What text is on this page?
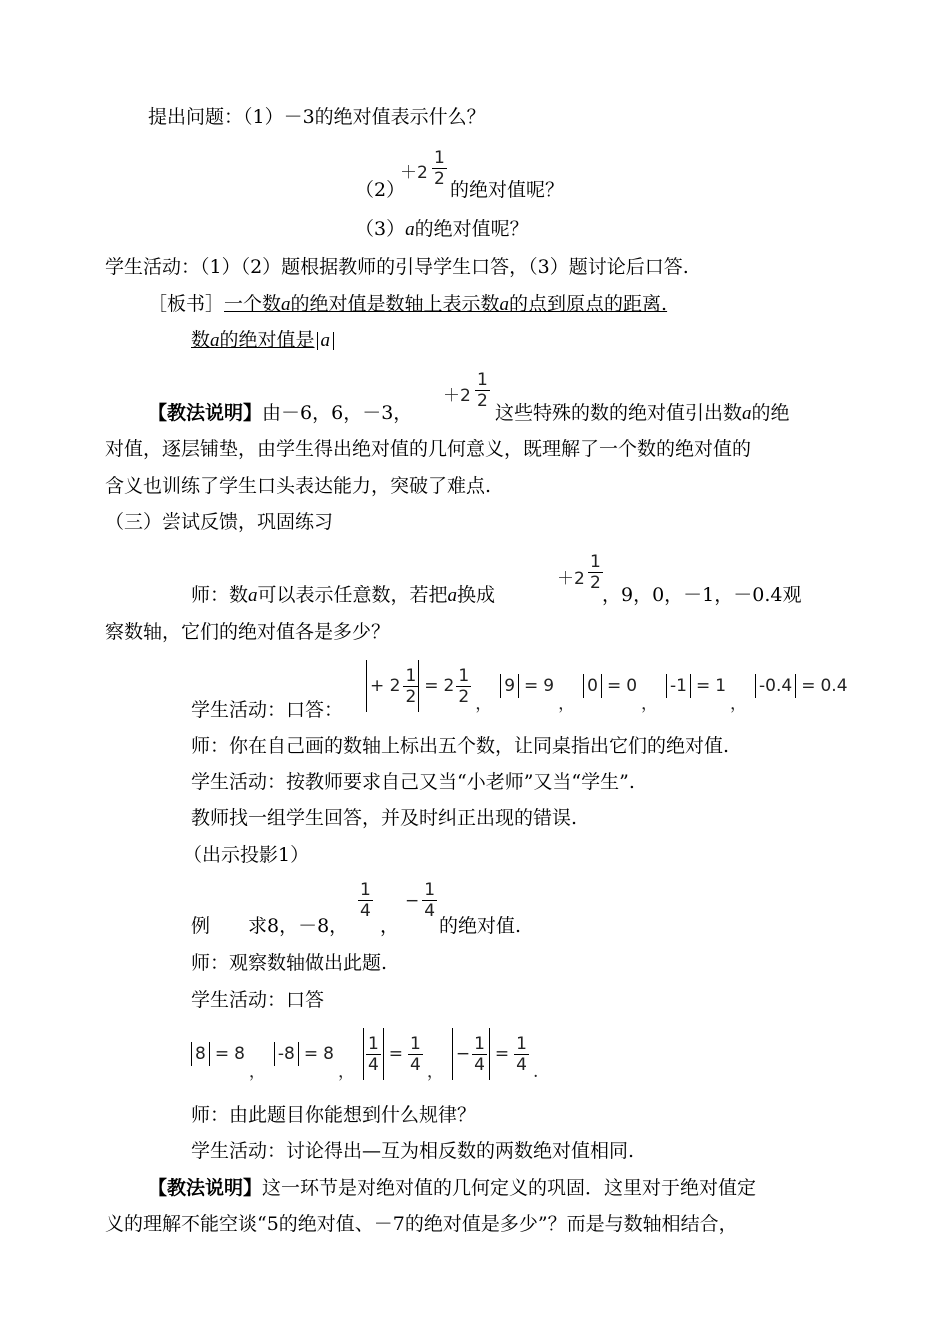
提出问题：（1）－3的绝对值表示什么？
（2）
$+2 \frac{1}{2}$
的绝对值呢？
（3）a的绝对值呢？
学生活动：（1）（2）题根据教师的引导学生口答，（3）题讨论后口答.
［板书］一个数a的绝对值是数轴上表示数a的点到原点的距离.
数a的绝对值是 a
$+2 \frac{1}{2}$
【教法说明】由－6，6，－3，	这些特殊的数的绝对值引出数a的绝
对值，逐层铺垫，由学生得出绝对值的几何意义，既理解了一个数的绝对值的
含义也训练了学生口头表达能力，突破了难点.
（三）尝试反馈，巩固练习
$+2 \frac{1}{2}$
师：数a可以表示任意数，若把a换成	，9，0，－1，－0.4观
察数轴，它们的绝对值各是多少？
学生活动：口答：
+ $2 \frac{1}{2} = 2 \frac{1}{2}$ ，
9 = 9
，
0 = 0
，
-1 = 1
，
-0.4 = 0.4
师：你在自己画的数轴上标出五个数，让同桌指出它们的绝对值.
学生活动：按教师要求自己又当“小老师”又当“学生”.
教师找一组学生回答，并及时纠正出现的错误.
（出示投影1）
例　　求8，－8，
$\frac{1}{4}$
，
− $\frac{1}{4}$
的绝对值.
师：观察数轴做出此题.
学生活动：口答
8 = 8
，
-8 = 8
， $\frac{1}{4} = \frac{1}{4}$ ，
− $\frac{1}{4} = \frac{1}{4}$ .
师：由此题目你能想到什么规律？
学生活动：讨论得出—互为相反数的两数绝对值相同.
【教法说明】这一环节是对绝对值的几何定义的巩固．这里对于绝对值定
义的理解不能空谈“5的绝对值、－7的绝对值是多少”？而是与数轴相结合，
